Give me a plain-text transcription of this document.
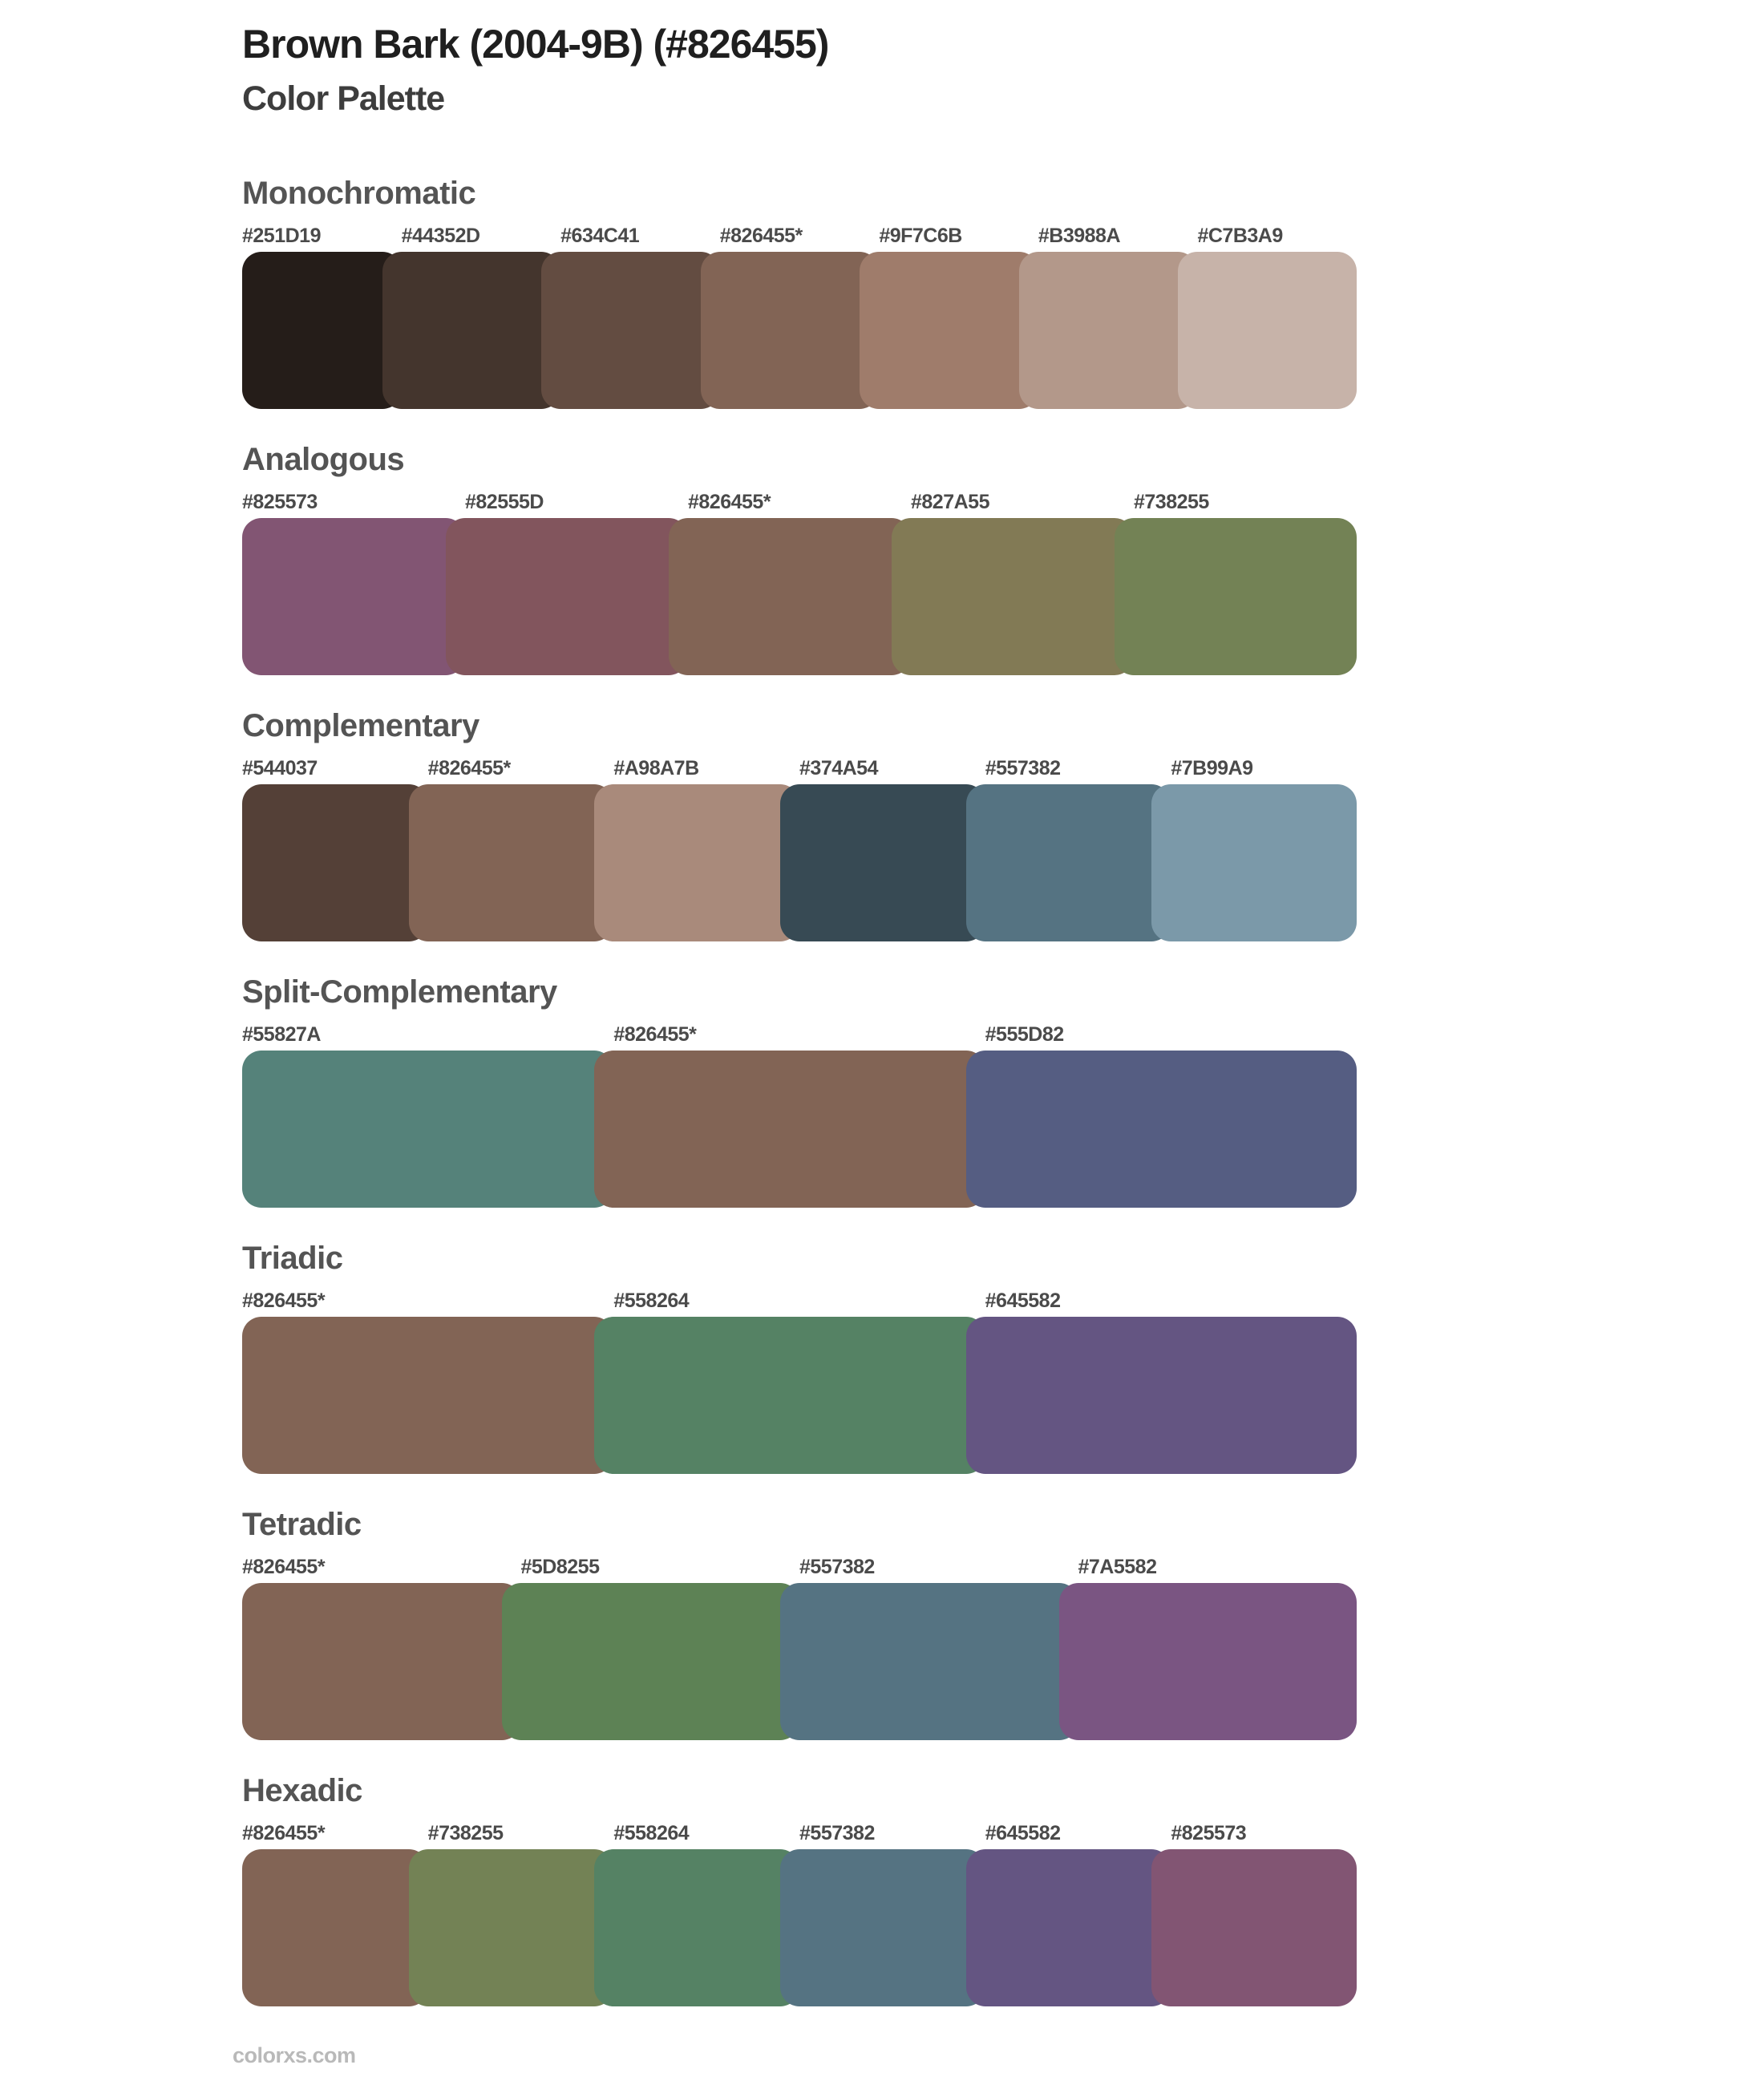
Brown Bark (2004-9B) (#826455)
Color Palette
Monochromatic
#251D19	#44352D	#634C41	#826455*	#9F7C6B	#B3988A	#C7B3A9
Analogous
#825573	#82555D	#826455*	#827A55	#738255
Complementary
#544037	#826455*	#A98A7B	#374A54	#557382	#7B99A9
Split-Complementary
#55827A	#826455*	#555D82
Triadic
#826455*	#558264	#645582
Tetradic
#826455*	#5D8255	#557382	#7A5582
Hexadic
#826455*	#738255	#558264	#557382	#645582	#825573
colorxs.com
